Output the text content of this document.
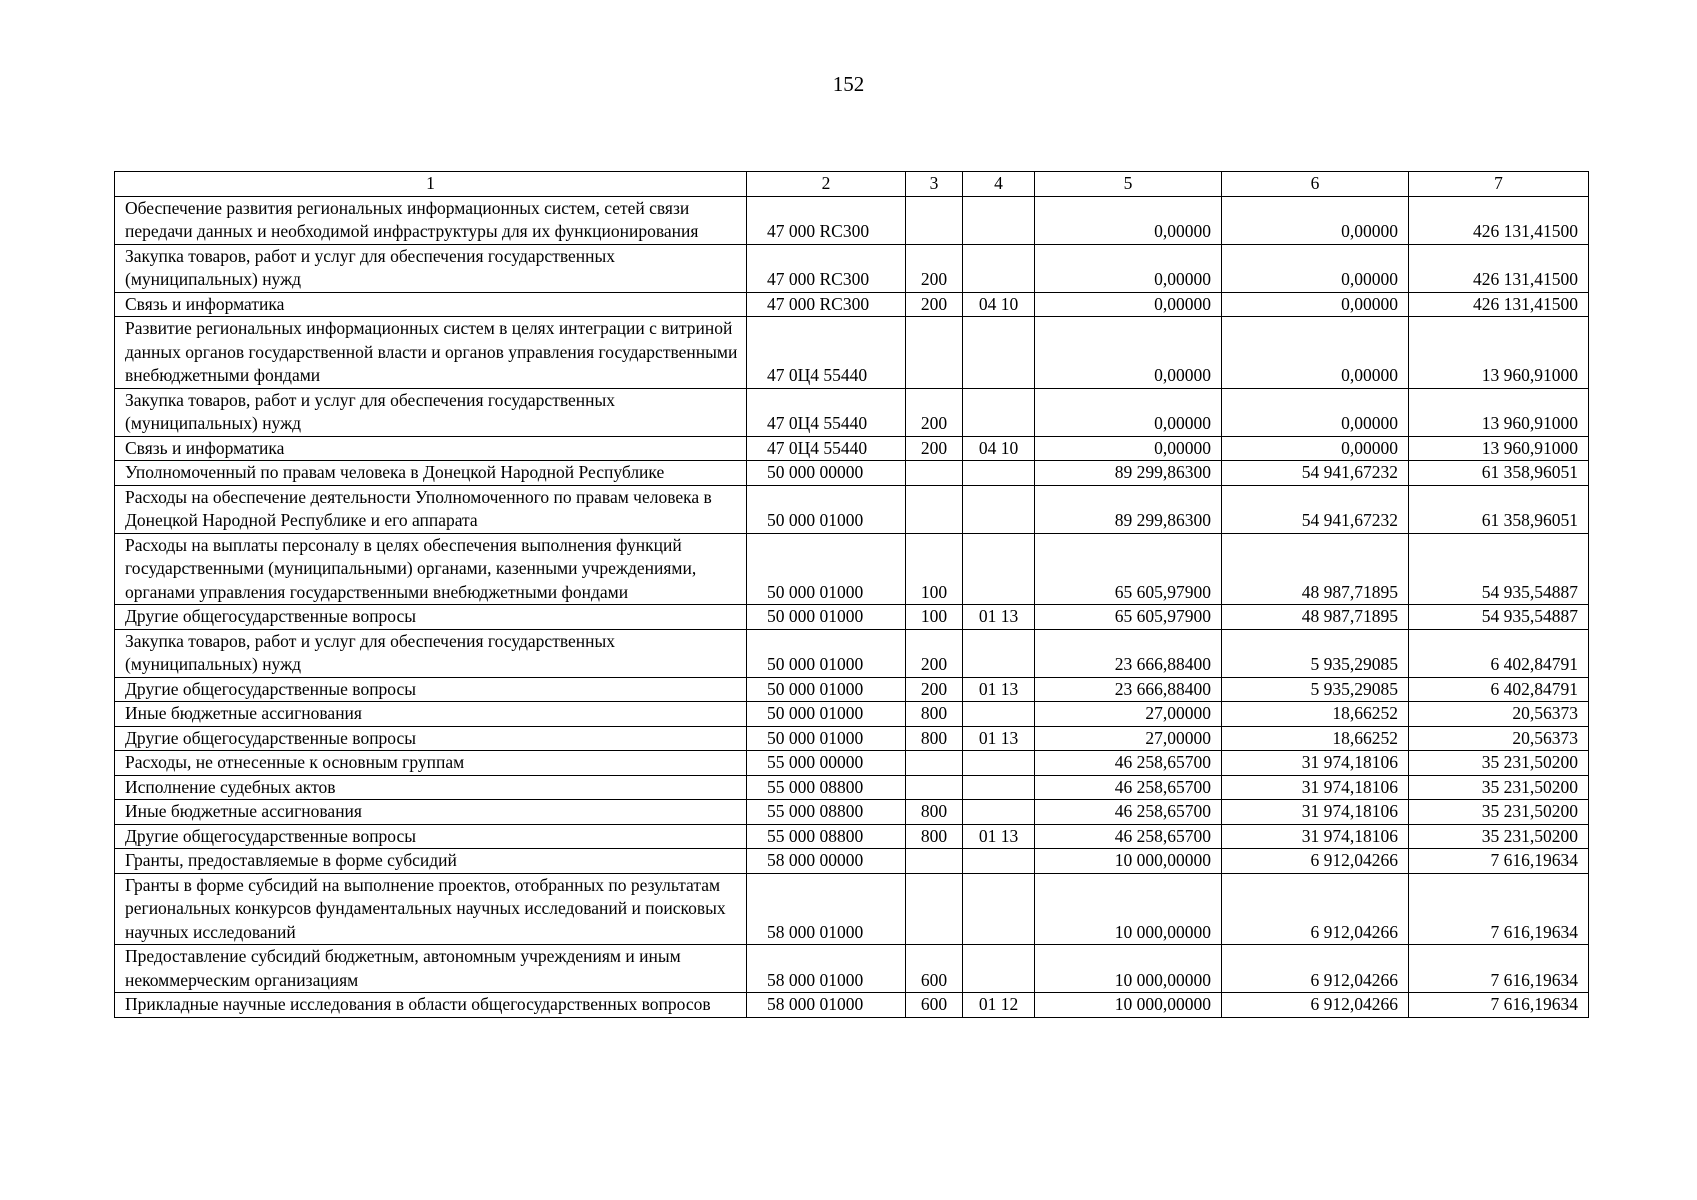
152
1	2	3	4	5	6	7
Обеспечение развития региональных информационных систем, сетей связи передачи данных и необходимой инфраструктуры для их функционирования	47 000 RC300			0,00000	0,00000	426 131,41500
Закупка товаров, работ и услуг для обеспечения государственных (муниципальных) нужд	47 000 RC300	200		0,00000	0,00000	426 131,41500
Связь и информатика	47 000 RC300	200	04 10	0,00000	0,00000	426 131,41500
Развитие региональных информационных систем в целях интеграции с витриной данных органов государственной власти и органов управления государственными внебюджетными фондами	47 0Ц4 55440			0,00000	0,00000	13 960,91000
Закупка товаров, работ и услуг для обеспечения государственных (муниципальных) нужд	47 0Ц4 55440	200		0,00000	0,00000	13 960,91000
Связь и информатика	47 0Ц4 55440	200	04 10	0,00000	0,00000	13 960,91000
Уполномоченный по правам человека в Донецкой Народной Республике	50 000 00000			89 299,86300	54 941,67232	61 358,96051
Расходы на обеспечение деятельности Уполномоченного по правам человека в Донецкой Народной Республике и его аппарата	50 000 01000			89 299,86300	54 941,67232	61 358,96051
Расходы на выплаты персоналу в целях обеспечения выполнения функций государственными (муниципальными) органами, казенными учреждениями, органами управления государственными внебюджетными фондами	50 000 01000	100		65 605,97900	48 987,71895	54 935,54887
Другие общегосударственные вопросы	50 000 01000	100	01 13	65 605,97900	48 987,71895	54 935,54887
Закупка товаров, работ и услуг для обеспечения государственных (муниципальных) нужд	50 000 01000	200		23 666,88400	5 935,29085	6 402,84791
Другие общегосударственные вопросы	50 000 01000	200	01 13	23 666,88400	5 935,29085	6 402,84791
Иные бюджетные ассигнования	50 000 01000	800		27,00000	18,66252	20,56373
Другие общегосударственные вопросы	50 000 01000	800	01 13	27,00000	18,66252	20,56373
Расходы, не отнесенные к основным группам	55 000 00000			46 258,65700	31 974,18106	35 231,50200
Исполнение судебных актов	55 000 08800			46 258,65700	31 974,18106	35 231,50200
Иные бюджетные ассигнования	55 000 08800	800		46 258,65700	31 974,18106	35 231,50200
Другие общегосударственные вопросы	55 000 08800	800	01 13	46 258,65700	31 974,18106	35 231,50200
Гранты, предоставляемые в форме субсидий	58 000 00000			10 000,00000	6 912,04266	7 616,19634
Гранты в форме субсидий на выполнение проектов, отобранных по результатам региональных конкурсов фундаментальных научных исследований и поисковых научных исследований	58 000 01000			10 000,00000	6 912,04266	7 616,19634
Предоставление субсидий бюджетным, автономным учреждениям и иным некоммерческим организациям	58 000 01000	600		10 000,00000	6 912,04266	7 616,19634
Прикладные научные исследования в области общегосударственных вопросов	58 000 01000	600	01 12	10 000,00000	6 912,04266	7 616,19634
